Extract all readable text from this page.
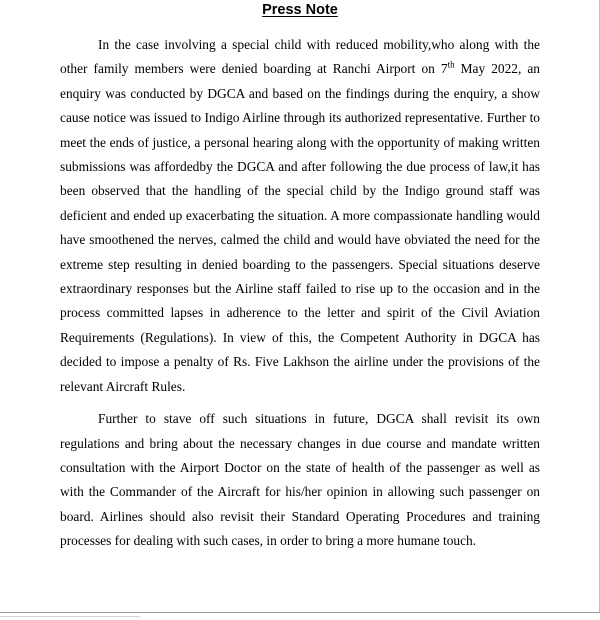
Press Note

In the case involving a special child with reduced mobility,who along with the other family members were denied boarding at Ranchi Airport on 7th May 2022, an enquiry was conducted by DGCA and based on the findings during the enquiry, a show cause notice was issued to Indigo Airline through its authorized representative. Further to meet the ends of justice, a personal hearing along with the opportunity of making written submissions was affordedby the DGCA and after following the due process of law,it has been observed that the handling of the special child by the Indigo ground staff was deficient and ended up exacerbating the situation. A more compassionate handling would have smoothened the nerves, calmed the child and would have obviated the need for the extreme step resulting in denied boarding to the passengers. Special situations deserve extraordinary responses but the Airline staff failed to rise up to the occasion and in the process committed lapses in adherence to the letter and spirit of the Civil Aviation Requirements (Regulations). In view of this, the Competent Authority in DGCA has decided to impose a penalty of Rs. Five Lakhson the airline under the provisions of the relevant Aircraft Rules.

Further to stave off such situations in future, DGCA shall revisit its own regulations and bring about the necessary changes in due course and mandate written consultation with the Airport Doctor on the state of health of the passenger as well as with the Commander of the Aircraft for his/her opinion in allowing such passenger on board. Airlines should also revisit their Standard Operating Procedures and training processes for dealing with such cases, in order to bring a more humane touch.
